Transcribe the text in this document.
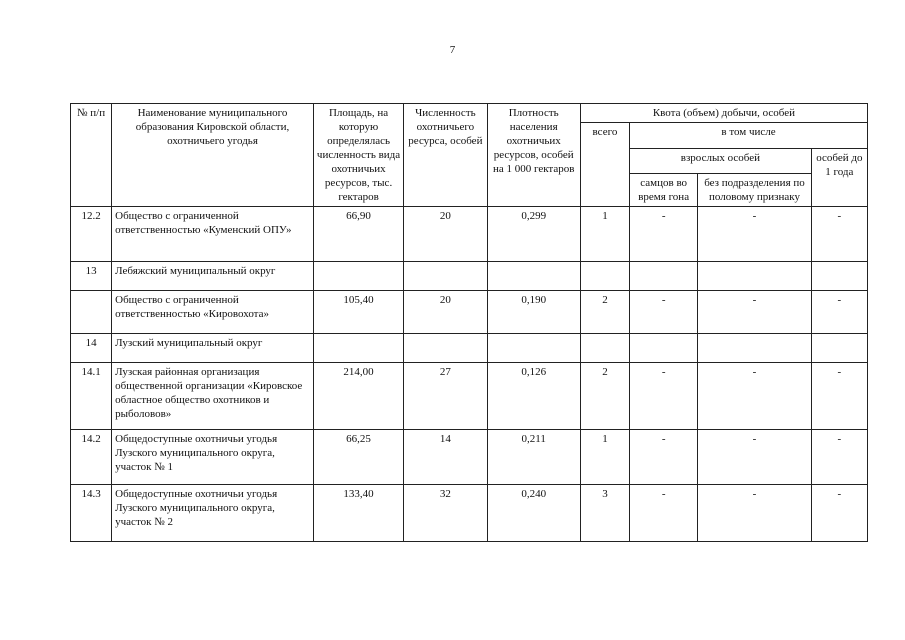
7
№ п/п	Наименование муниципального образования Кировской области, охотничьего угодья	Площадь, на которую определялась численность вида охотничьих ресурсов, тыс. гектаров	Численность охотничьего ресурса, особей	Плотность населения охотничьих ресурсов, особей на 1 000 гектаров	Квота (объем) добычи, особей			
					всего	в том числе		
						взрослых особей		особей до 1 года
						самцов во время гона	без подразделения по половому признаку	
12.2	Общество с ограниченной ответственностью «Куменский ОПУ»	66,90	20	0,299	1	-	-	-
13	Лебяжский муниципальный округ							
	Общество с ограниченной ответственностью «Кировохота»	105,40	20	0,190	2	-	-	-
14	Лузский муниципальный округ							
14.1	Лузская районная организация общественной организации «Кировское областное общество охотников и рыболовов»	214,00	27	0,126	2	-	-	-
14.2	Общедоступные охотничьи угодья Лузского муниципального округа, участок № 1	66,25	14	0,211	1	-	-	-
14.3	Общедоступные охотничьи угодья Лузского муниципального округа, участок № 2	133,40	32	0,240	3	-	-	-
